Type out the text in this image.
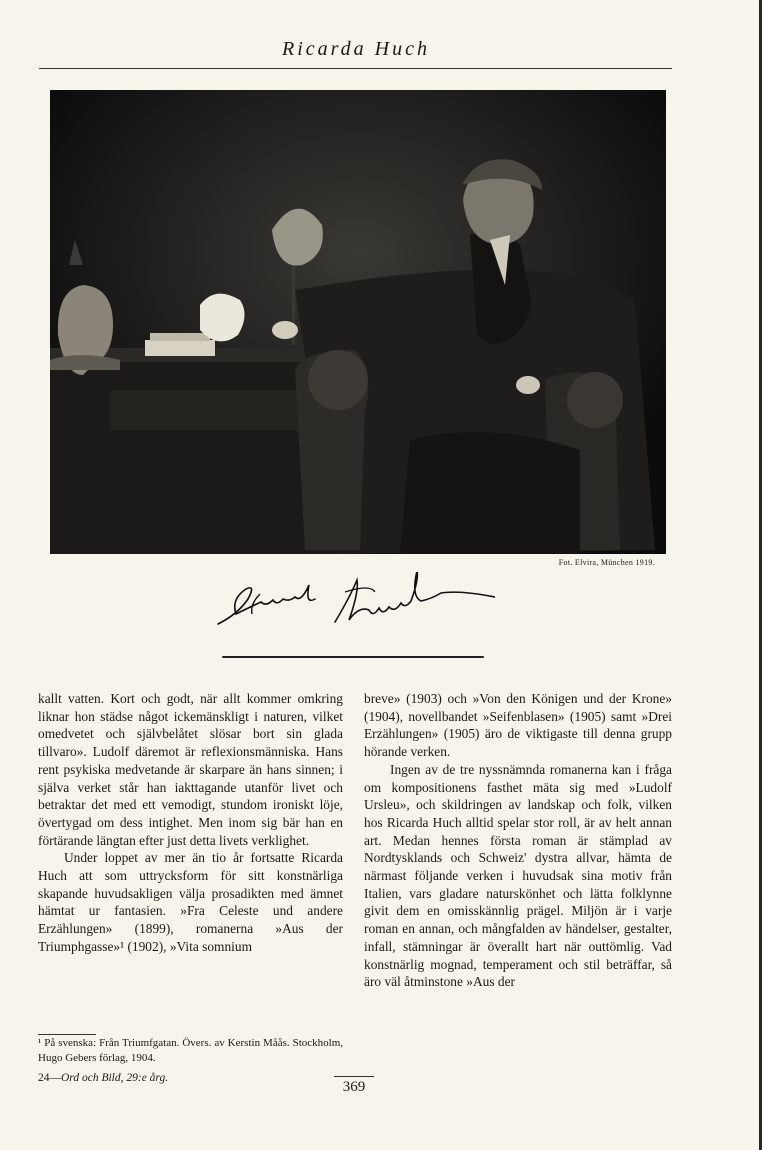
Ricarda Huch
Fot. Elvira, München 1919.

kallt vatten. Kort och godt, när allt kommer omkring liknar hon städse något ickemänskligt i naturen, vilket omedvetet och självbelåtet slösar bort sin glada tillvaro». Ludolf däremot är reflexionsmänniska. Hans rent psykiska medvetande är skarpare än hans sinnen; i själva verket står han iakttagande utanför livet och betraktar det med ett vemodigt, stundom ironiskt löje, övertygad om dess intighet. Men inom sig bär han en förtärande längtan efter just detta livets verklighet.

Under loppet av mer än tio år fortsatte Ricarda Huch att som uttrycksform för sitt konstnärliga skapande huvudsakligen välja prosadikten med ämnet hämtat ur fantasien. »Fra Celeste und andere Erzählungen» (1899), romanerna »Aus der Triumphgasse»¹ (1902), »Vita somnium

¹ På svenska: Från Triumfgatan. Övers. av Kerstin Måås. Stockholm, Hugo Gebers förlag, 1904.
24—Ord och Bild, 29:e årg.
369

breve» (1903) och »Von den Königen und der Krone» (1904), novellbandet »Seifenblasen» (1905) samt »Drei Erzählungen» (1905) äro de viktigaste till denna grupp hörande verken.

Ingen av de tre nyssnämnda romanerna kan i fråga om kompositionens fasthet mäta sig med »Ludolf Ursleu», och skildringen av landskap och folk, vilken hos Ricarda Huch alltid spelar stor roll, är av helt annan art. Medan hennes första roman är stämplad av Nordtysklands och Schweiz' dystra allvar, hämta de närmast följande verken i huvudsak sina motiv från Italien, vars gladare naturskönhet och lätta folklynne givit dem en omisskännlig prägel. Miljön är i varje roman en annan, och mångfalden av händelser, gestalter, infall, stämningar är överallt hart när outtömlig. Vad konstnärlig mognad, temperament och stil beträffar, så äro väl åtminstone »Aus der
